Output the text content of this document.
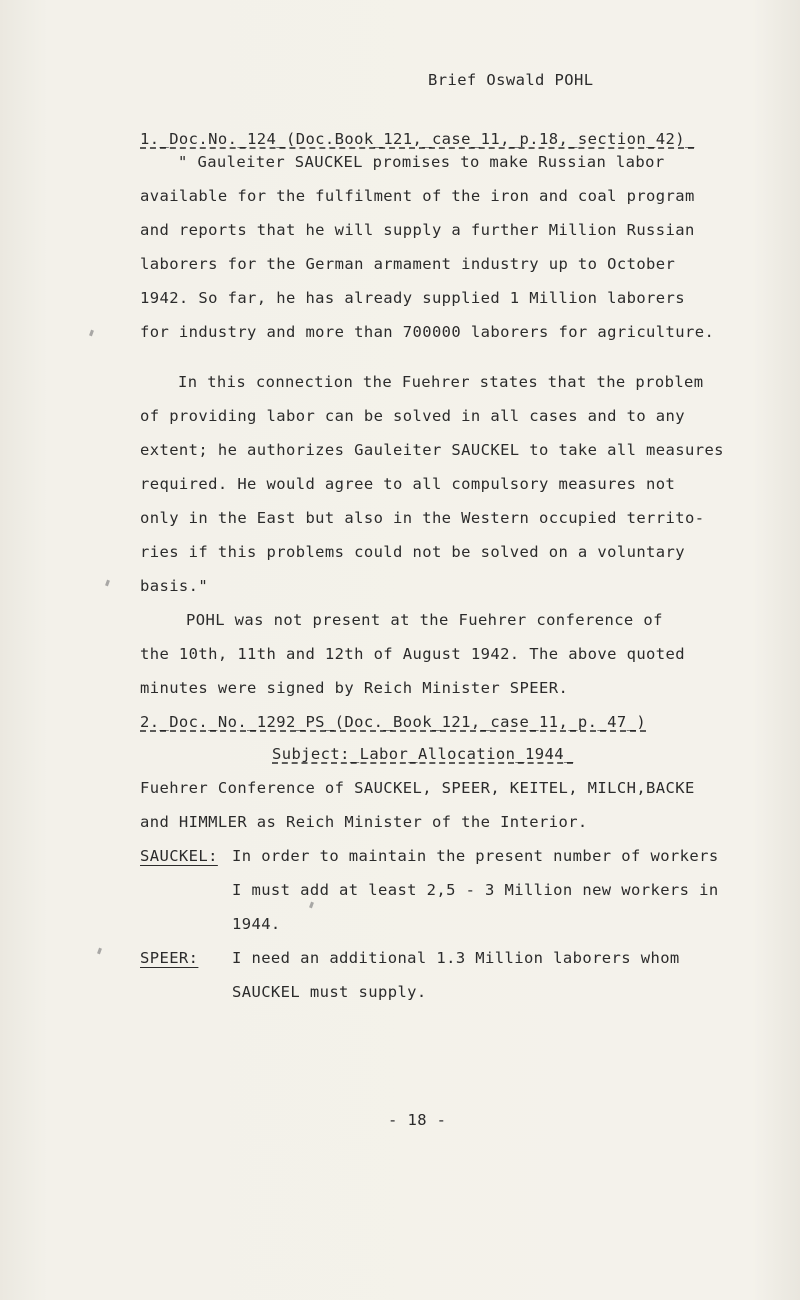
Brief Oswald POHL
1._Doc.No._124_(Doc.Book_121,_case_11,_p.18,_section_42)_
" Gauleiter SAUCKEL promises to make Russian labor
available for the fulfilment of the iron and coal program
and reports that he will supply a further Million Russian
laborers for the German armament industry up to October
1942. So far, he has already supplied 1 Million laborers
for industry and more than 700000 laborers for agriculture.
In this connection the Fuehrer states that the problem
of providing labor can be solved in all cases and to any
extent; he authorizes Gauleiter SAUCKEL to take all measures
required. He would agree to all compulsory measures not
only in the East but also in the Western occupied territo-
ries if this problems could not be solved on a voluntary
basis."
POHL was not present at the Fuehrer conference of
the 10th, 11th and 12th of August 1942. The above quoted
minutes were signed by Reich Minister SPEER.
2._Doc._No._1292_PS_(Doc._Book_121,_case_11,_p._47_)
Subject:_Labor_Allocation_1944_
Fuehrer Conference of SAUCKEL, SPEER, KEITEL, MILCH,BACKE
and HIMMLER as Reich Minister of the Interior.
SAUCKEL: In order to maintain the present number of workers
I must add at least 2,5 - 3 Million new workers in
1944.
SPEER: I need an additional 1.3 Million laborers whom
SAUCKEL must supply.
- 18 -
